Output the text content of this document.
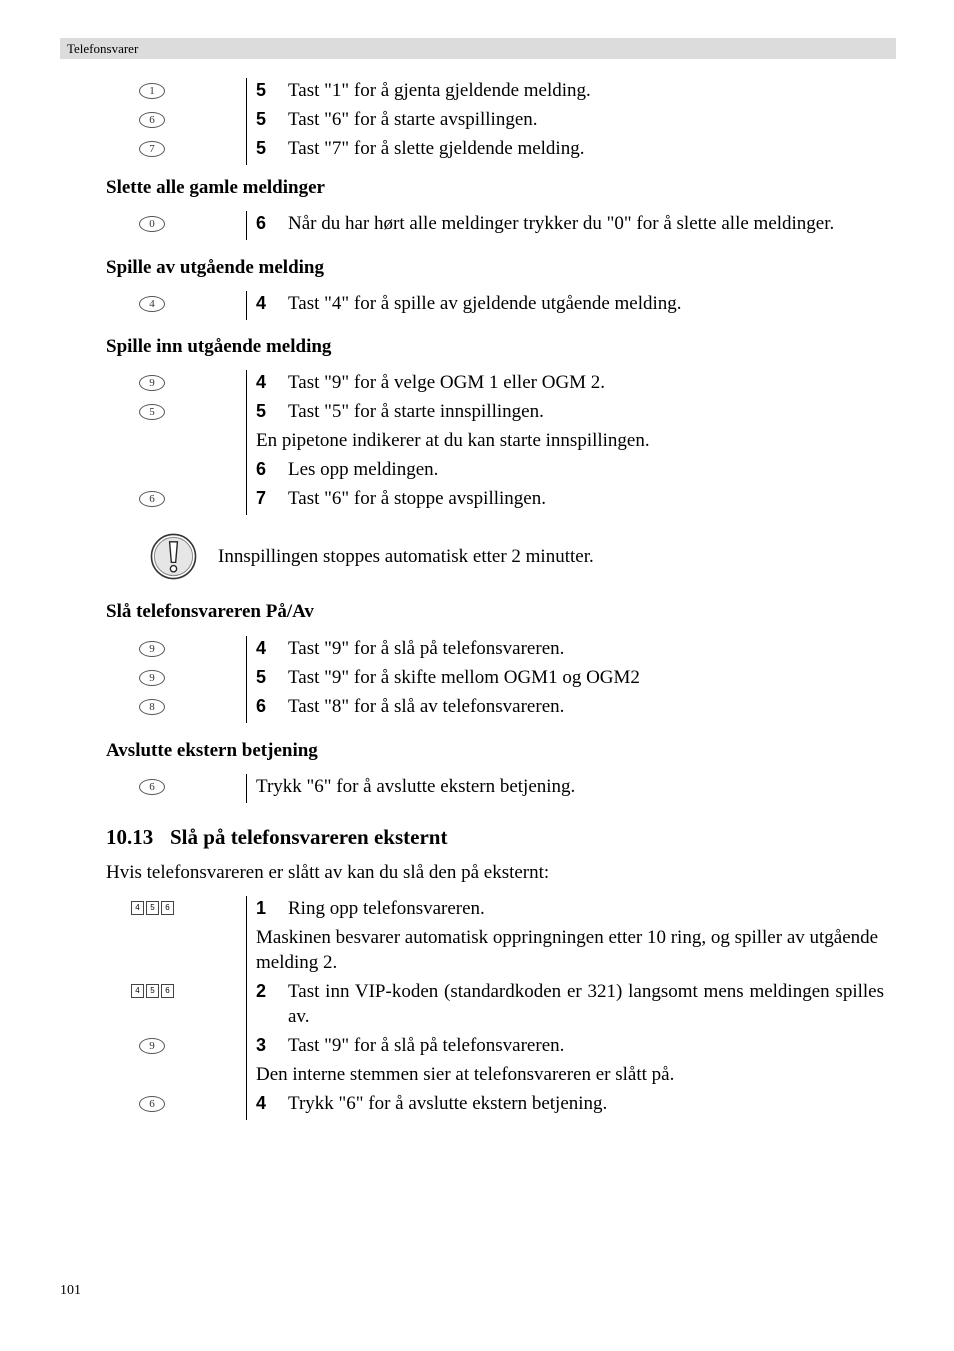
Telefonsvarer
1	5 Tast "1" for å gjenta gjeldende melding.
6	5 Tast "6" for å starte avspillingen.
7	5 Tast "7" for å slette gjeldende melding.
Slette alle gamle meldinger
0	6 Når du har hørt alle meldinger trykker du "0" for å slette alle meldinger.
Spille av utgående melding
4	4 Tast "4" for å spille av gjeldende utgående melding.
Spille inn utgående melding
9	4 Tast "9" for å velge OGM 1 eller OGM 2.
5	5 Tast "5" for å starte innspillingen.
En pipetone indikerer at du kan starte innspillingen.
6 Les opp meldingen.
6	7 Tast "6" for å stoppe avspillingen.
Innspillingen stoppes automatisk etter 2 minutter.
Slå telefonsvareren På/Av
9	4 Tast "9" for å slå på telefonsvareren.
9	5 Tast "9" for å skifte mellom OGM1 og OGM2
8	6 Tast "8" for å slå av telefonsvareren.
Avslutte ekstern betjening
6	Trykk "6" for å avslutte ekstern betjening.
10.13 Slå på telefonsvareren eksternt
Hvis telefonsvareren er slått av kan du slå den på eksternt:
4	5	6	1 Ring opp telefonsvareren.
Maskinen besvarer automatisk oppringningen etter 10 ring, og spiller av utgående melding 2.
4	5	6	2 Tast inn VIP-koden (standardkoden er 321) langsomt mens meldingen spilles av.
9	3 Tast "9" for å slå på telefonsvareren.
Den interne stemmen sier at telefonsvareren er slått på.
6	4 Trykk "6" for å avslutte ekstern betjening.
101
